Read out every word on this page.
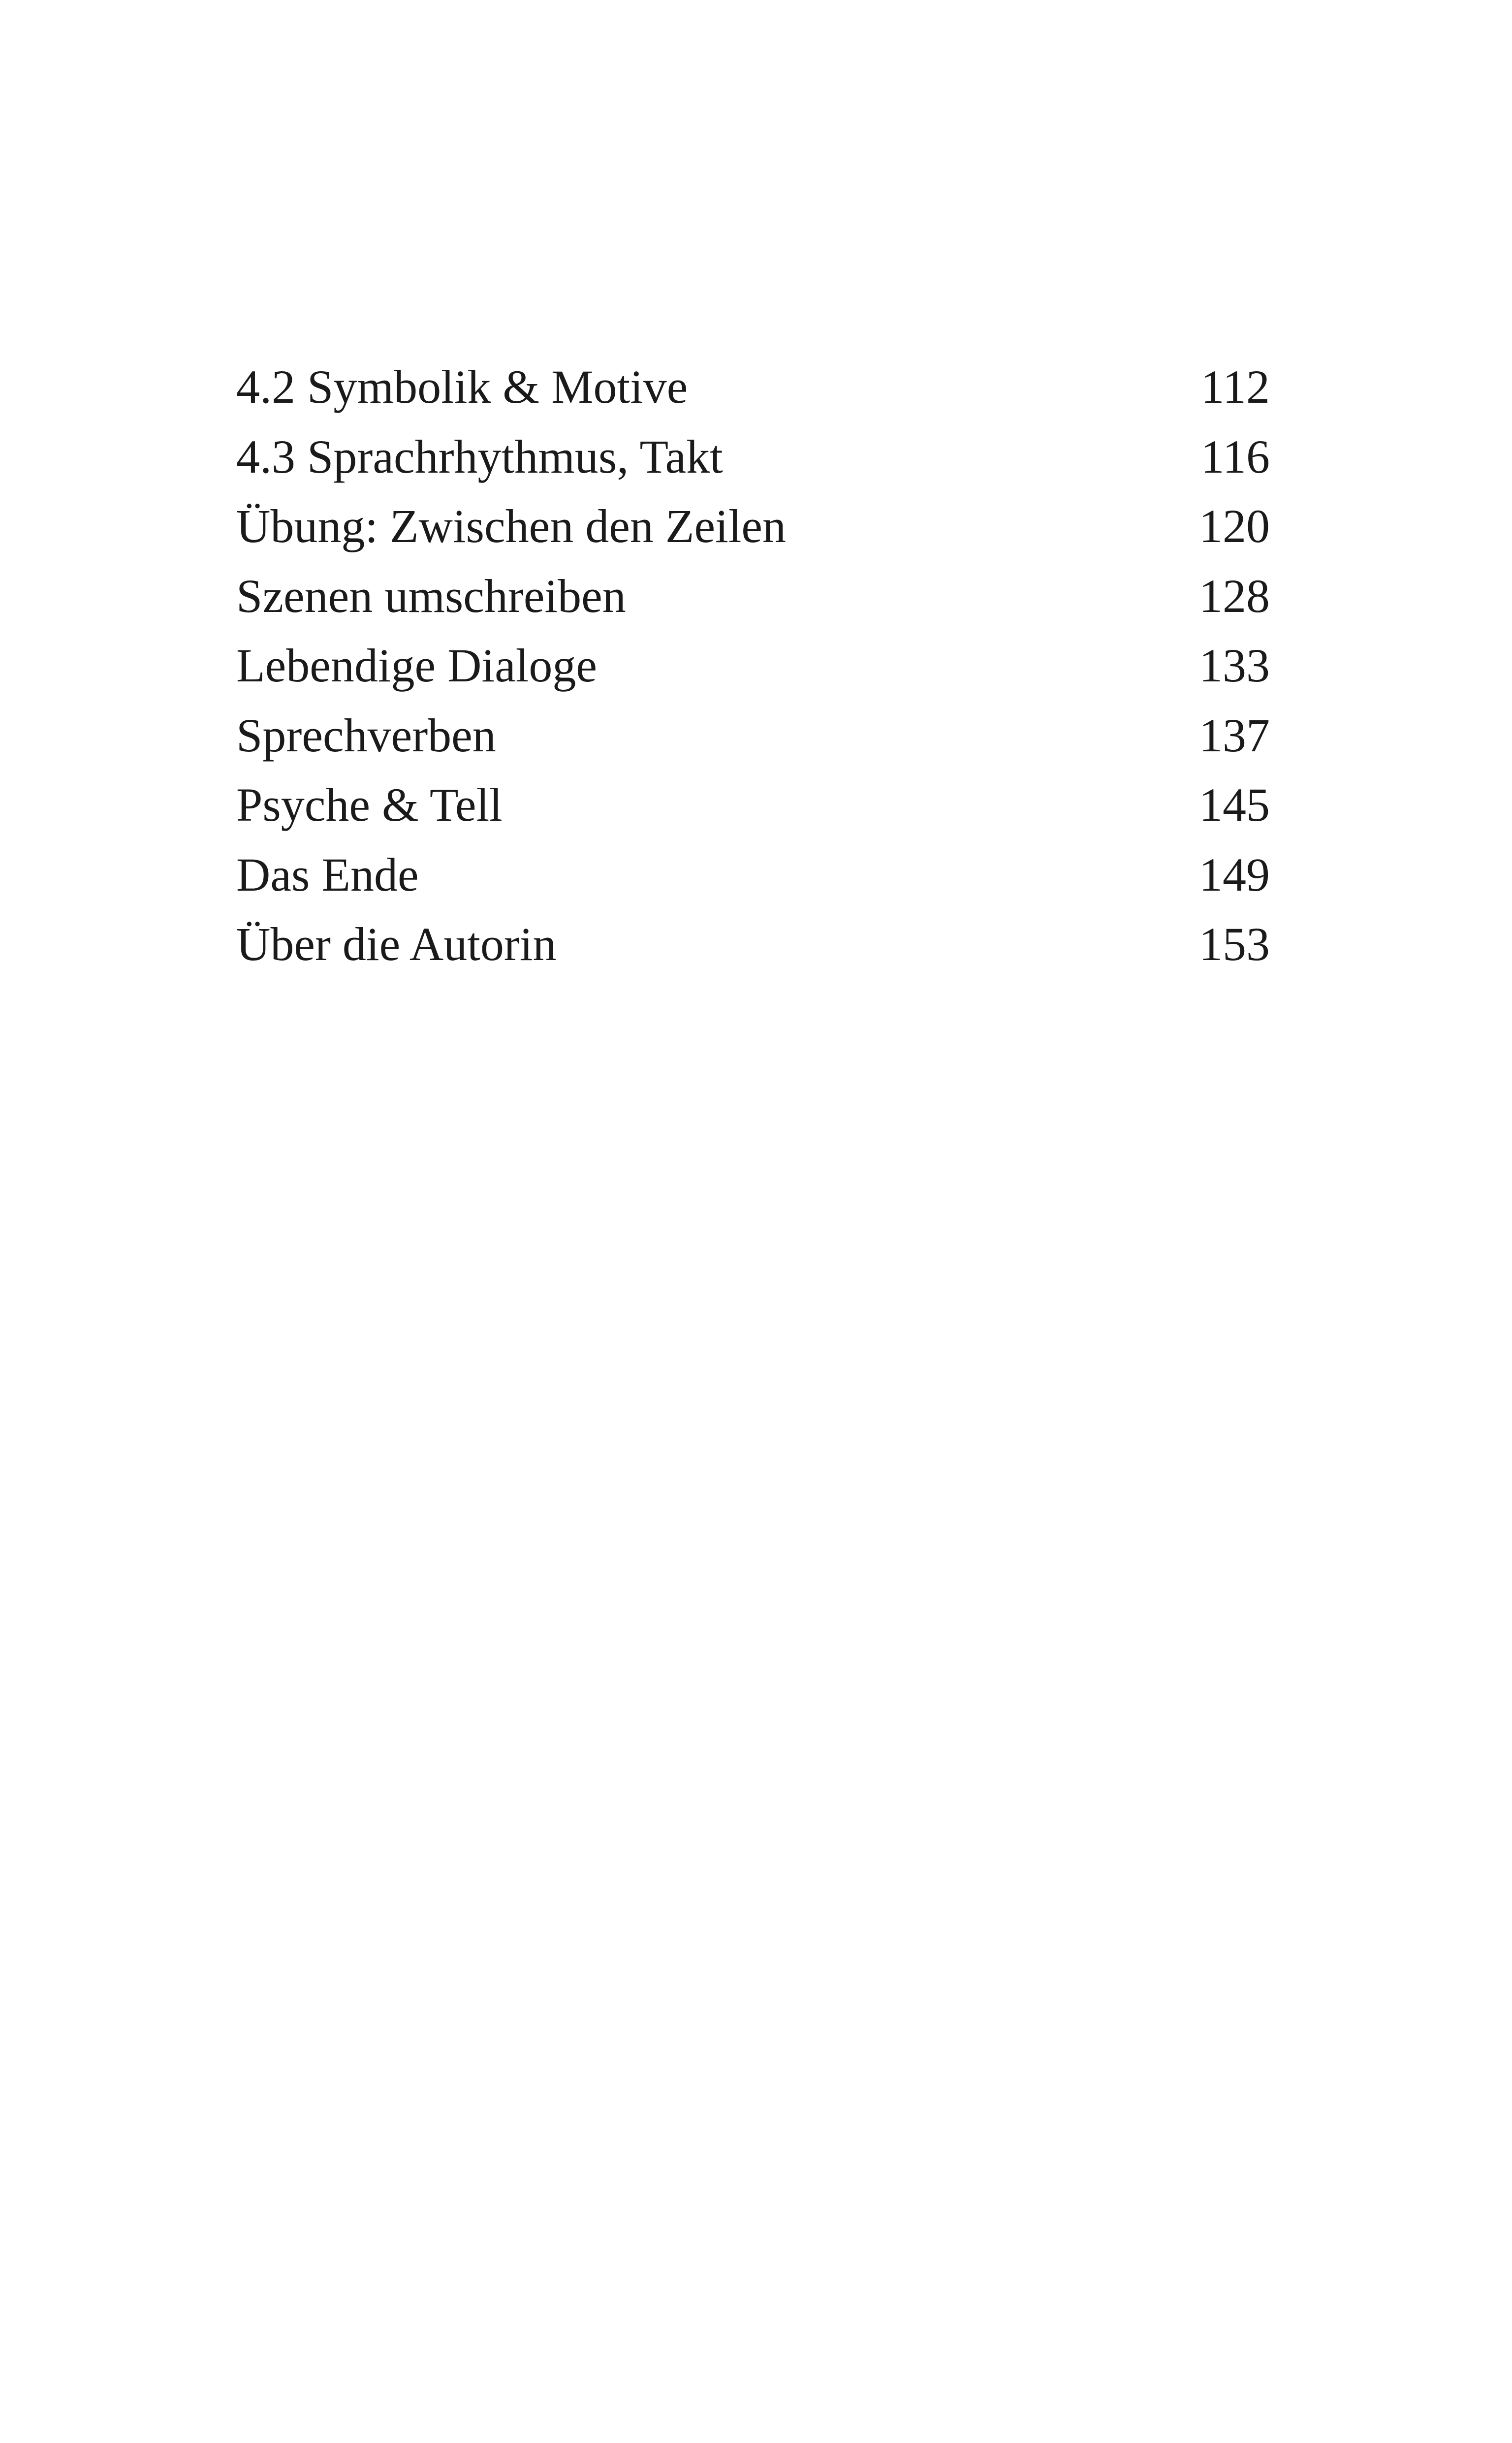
4.2 Symbolik & Motive	112
4.3 Sprachrhythmus, Takt	116
Übung: Zwischen den Zeilen	120
Szenen umschreiben	128
Lebendige Dialoge	133
Sprechverben	137
Psyche & Tell	145
Das Ende	149
Über die Autorin	153
